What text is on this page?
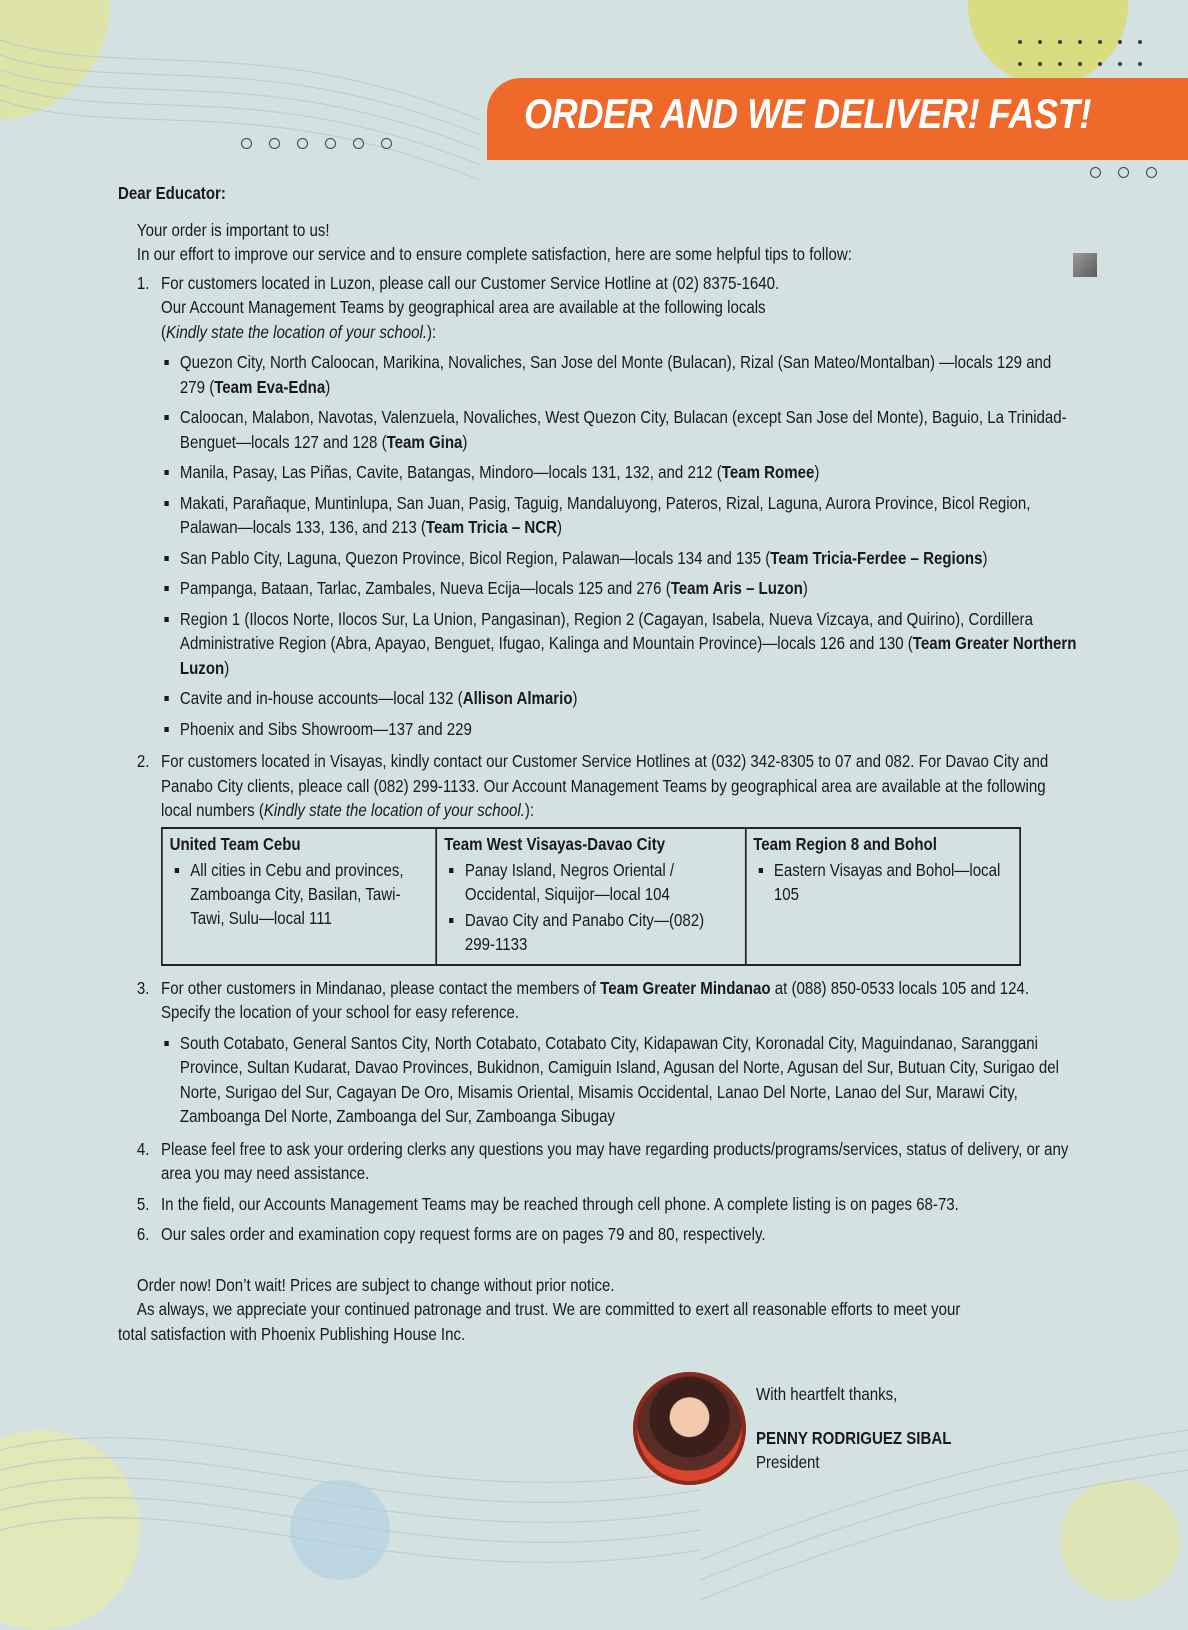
ORDER AND WE DELIVER! FAST!
Dear Educator:
Your order is important to us!
In our effort to improve our service and to ensure complete satisfaction, here are some helpful tips to follow:
1. For customers located in Luzon, please call our Customer Service Hotline at (02) 8375-1640.
Our Account Management Teams by geographical area are available at the following locals
(Kindly state the location of your school.):
Quezon City, North Caloocan, Marikina, Novaliches, San Jose del Monte (Bulacan), Rizal (San Mateo/Montalban) —locals 129 and 279 (Team Eva-Edna)
Caloocan, Malabon, Navotas, Valenzuela, Novaliches, West Quezon City, Bulacan (except San Jose del Monte), Baguio, La Trinidad-Benguet—locals 127 and 128 (Team Gina)
Manila, Pasay, Las Piñas, Cavite, Batangas, Mindoro—locals 131, 132, and 212 (Team Romee)
Makati, Parañaque, Muntinlupa, San Juan, Pasig, Taguig, Mandaluyong, Pateros, Rizal, Laguna, Aurora Province, Bicol Region, Palawan—locals 133, 136, and 213 (Team Tricia – NCR)
San Pablo City, Laguna, Quezon Province, Bicol Region, Palawan—locals 134 and 135 (Team Tricia-Ferdee – Regions)
Pampanga, Bataan, Tarlac, Zambales, Nueva Ecija—locals 125 and 276 (Team Aris – Luzon)
Region 1 (Ilocos Norte, Ilocos Sur, La Union, Pangasinan), Region 2 (Cagayan, Isabela, Nueva Vizcaya, and Quirino), Cordillera Administrative Region (Abra, Apayao, Benguet, Ifugao, Kalinga and Mountain Province)—locals 126 and 130 (Team Greater Northern Luzon)
Cavite and in-house accounts—local 132 (Allison Almario)
Phoenix and Sibs Showroom—137 and 229
2. For customers located in Visayas, kindly contact our Customer Service Hotlines at (032) 342-8305 to 07 and 082. For Davao City and Panabo City clients, pleace call (082) 299-1133. Our Account Management Teams by geographical area are available at the following local numbers (Kindly state the location of your school.):
United Team Cebu
All cities in Cebu and provinces, Zamboanga City, Basilan, Tawi-Tawi, Sulu—local 111

Team West Visayas-Davao City
Panay Island, Negros Oriental / Occidental, Siquijor—local 104
Davao City and Panabo City—(082) 299-1133

Team Region 8 and Bohol
Eastern Visayas and Bohol—local 105
3. For other customers in Mindanao, please contact the members of Team Greater Mindanao at (088) 850-0533 locals 105 and 124. Specify the location of your school for easy reference.
South Cotabato, General Santos City, North Cotabato, Cotabato City, Kidapawan City, Koronadal City, Maguindanao, Saranggani Province, Sultan Kudarat, Davao Provinces, Bukidnon, Camiguin Island, Agusan del Norte, Agusan del Sur, Butuan City, Surigao del Norte, Surigao del Sur, Cagayan De Oro, Misamis Oriental, Misamis Occidental, Lanao Del Norte, Lanao del Sur, Marawi City, Zamboanga Del Norte, Zamboanga del Sur, Zamboanga Sibugay
4. Please feel free to ask your ordering clerks any questions you may have regarding products/programs/services, status of delivery, or any area you may need assistance.
5. In the field, our Accounts Management Teams may be reached through cell phone. A complete listing is on pages 68-73.
6. Our sales order and examination copy request forms are on pages 79 and 80, respectively.
Order now! Don’t wait! Prices are subject to change without prior notice.
As always, we appreciate your continued patronage and trust. We are committed to exert all reasonable efforts to meet your
total satisfaction with Phoenix Publishing House Inc.
With heartfelt thanks,
PENNY RODRIGUEZ SIBAL
President
